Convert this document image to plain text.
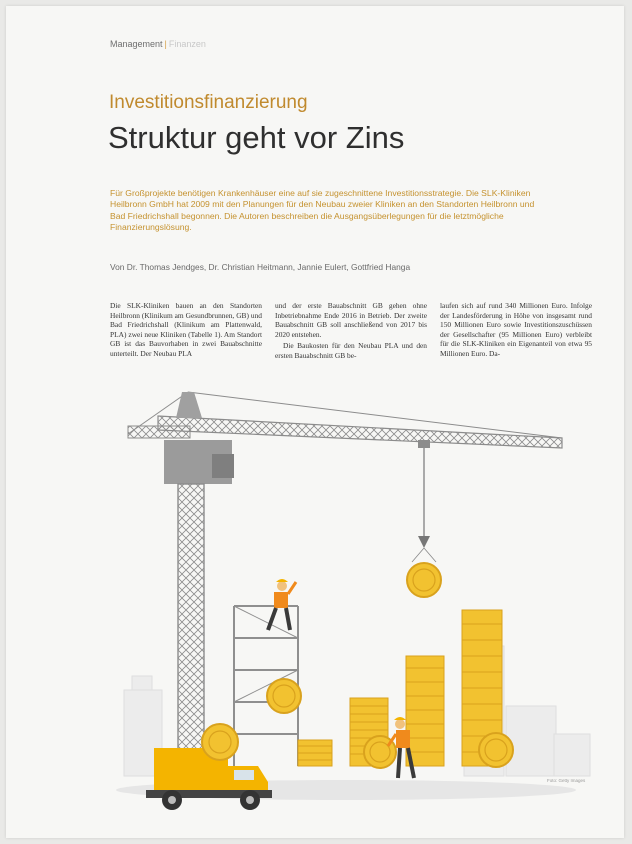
Management | Finanzen
Investitionsfinanzierung
Struktur geht vor Zins
Für Großprojekte benötigen Krankenhäuser eine auf sie zugeschnittene Investitionsstrategie. Die SLK-Kliniken Heilbronn GmbH hat 2009 mit den Planungen für den Neubau zweier Kliniken an den Standorten Heilbronn und Bad Friedrichshall begonnen. Die Autoren beschreiben die Ausgangsüberlegungen für die letztmögliche Finanzierungslösung.
Von Dr. Thomas Jendges, Dr. Christian Heitmann, Jannie Eulert, Gottfried Hanga

Die SLK-Kliniken bauen an den Standorten Heilbronn (Klinikum am Gesundbrunnen, GB) und Bad Friedrichshall (Klinikum am Plattenwald, PLA) zwei neue Kliniken (Tabelle 1). Am Standort GB ist das Bauvorhaben in zwei Bauabschnitte unterteilt. Der Neubau PLA

und der erste Bauabschnitt GB gehen ohne Inbetriebnahme Ende 2016 in Betrieb. Der zweite Bauabschnitt GB soll anschließend von 2017 bis 2020 entstehen.

Die Baukosten für den Neubau PLA und den ersten Bauabschnitt GB be-

laufen sich auf rund 340 Millionen Euro. Infolge der Landesförderung in Höhe von insgesamt rund 150 Millionen Euro sowie Investitionszuschüssen der Gesellschafter (95 Millionen Euro) verbleibt für die SLK-Kliniken ein Eigenanteil von etwa 95 Millionen Euro. Da-

Foto: Getty Images
